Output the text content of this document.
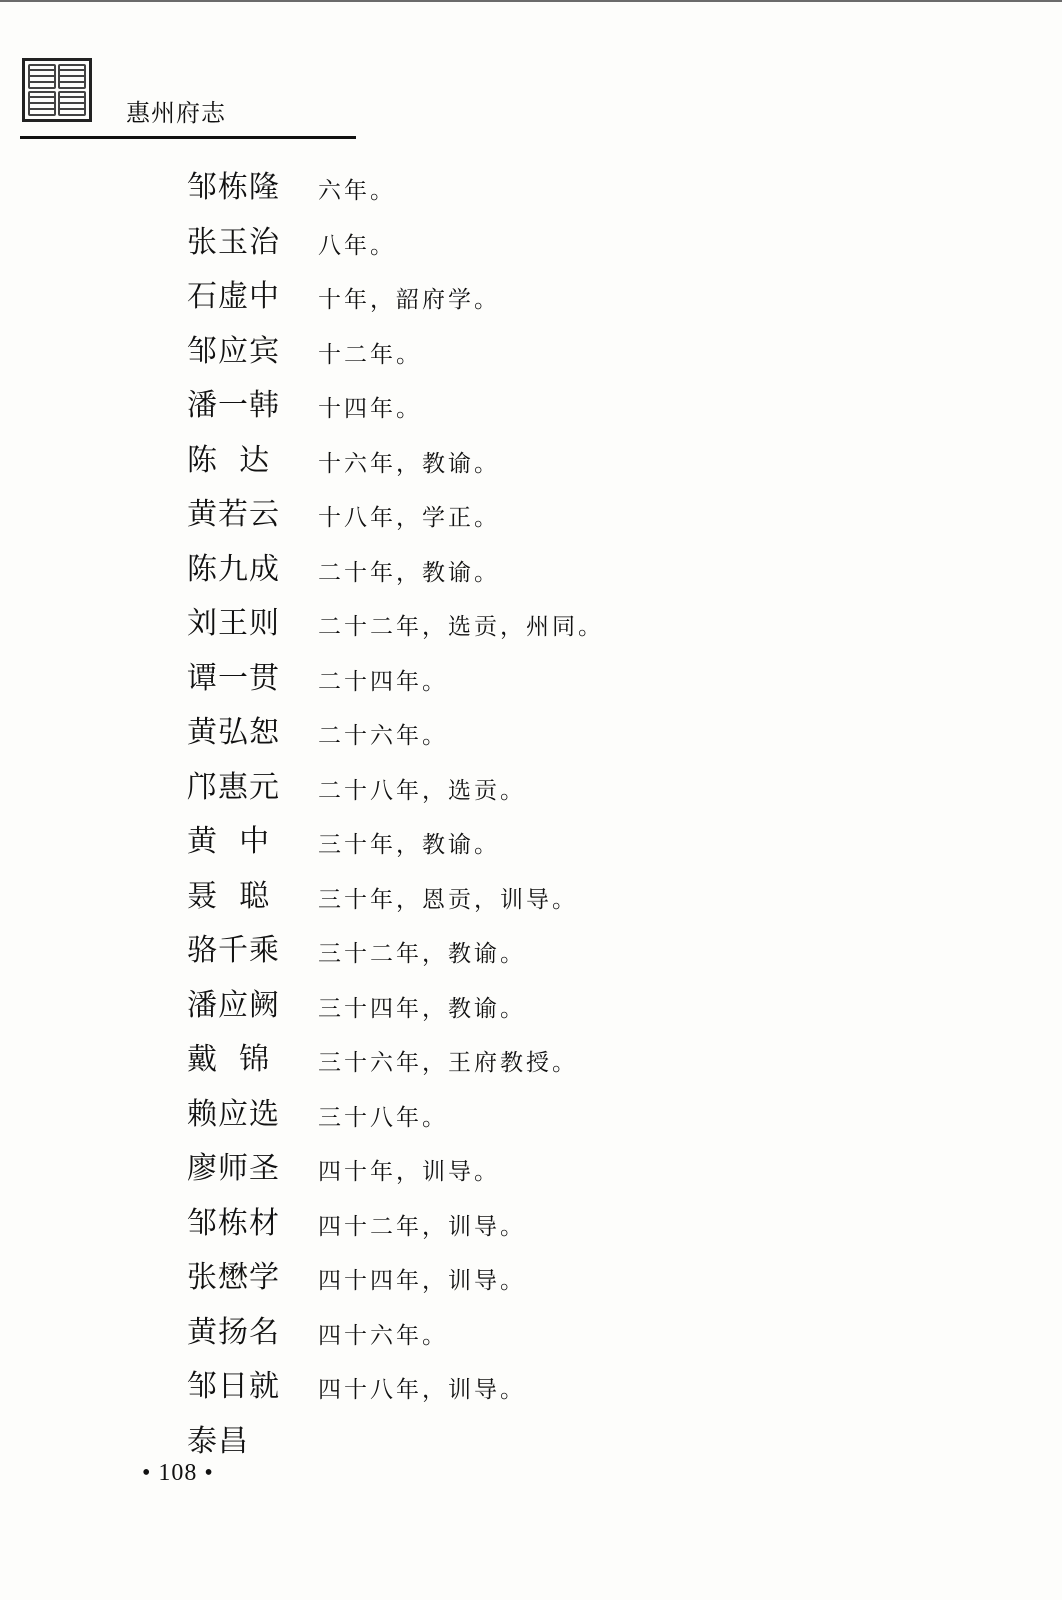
惠州府志
邹栋隆 六年。
张玉治 八年。
石虚中 十年，韶府学。
邹应宾 十二年。
潘一韩 十四年。
陈  达 十六年，教谕。
黄若云 十八年，学正。
陈九成 二十年，教谕。
刘王则 二十二年，选贡，州同。
谭一贯 二十四年。
黄弘恕 二十六年。
邝惠元 二十八年，选贡。
黄  中 三十年，教谕。
聂  聪 三十年，恩贡，训导。
骆千乘 三十二年，教谕。
潘应阙 三十四年，教谕。
戴  锦 三十六年，王府教授。
赖应选 三十八年。
廖师圣 四十年，训导。
邹栋材 四十二年，训导。
张懋学 四十四年，训导。
黄扬名 四十六年。
邹日就 四十八年，训导。
泰昌
• 108 •
